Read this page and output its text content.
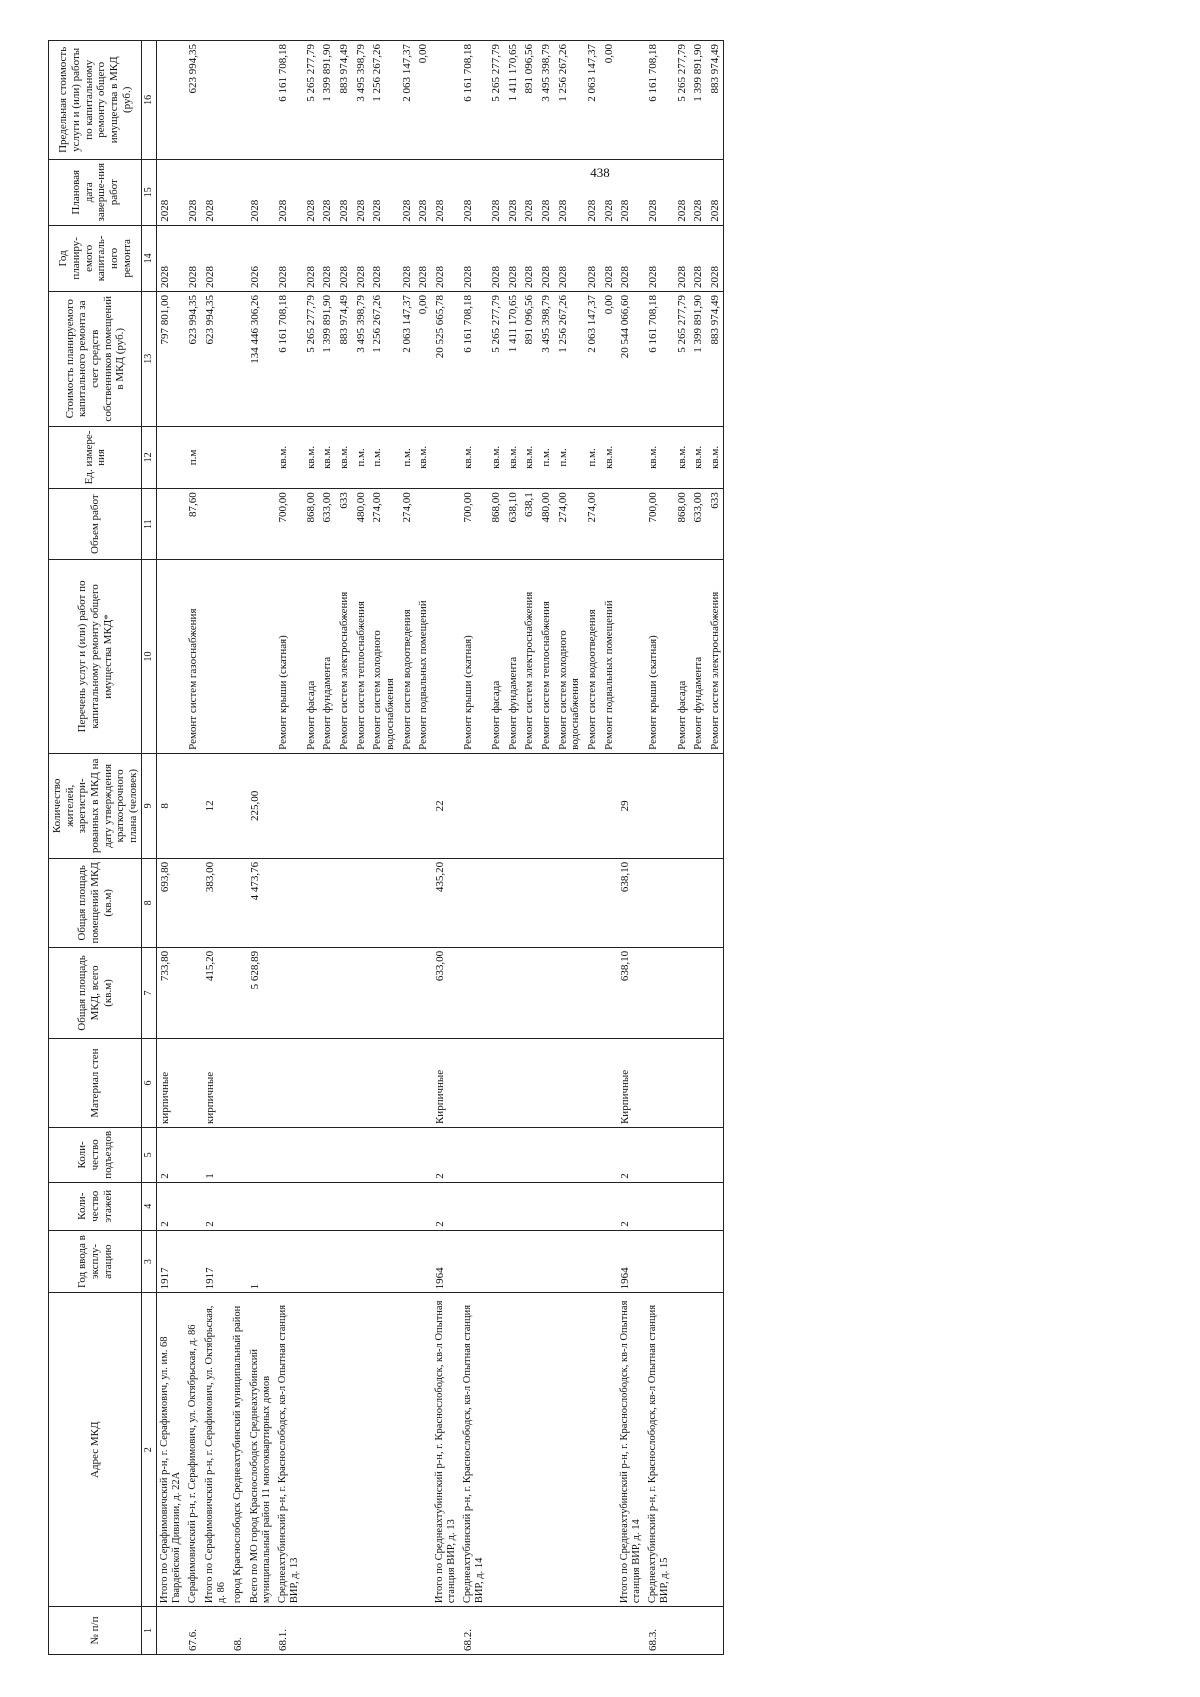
438
№ п/п	Адрес МКД	Год ввода в эксплу-атацию	Коли-чество этажей	Коли-чество подъездов	Материал стен	Общая площадь МКД, всего (кв.м)	Общая площадь помещений МКД (кв.м)	Количество жителей, зарегистри-рованных в МКД на дату утверждения краткосрочного плана (человек)	Перечень услуг и (или) работ по капитальному ремонту общего имущества МКД*	Объем работ	Ед. измере-ния	Стоимость планируемого капитального ремонта за счет средств собственников помещений в МКД (руб.)	Год планиру-емого капиталь-ного ремонта	Плановая дата заверше-ния работ	Предельная стоимость услуги и (или) работы по капитальному ремонту общего имущества в МКД (руб.)
1	2	3	4	5	6	7	8	9	10	11	12	13	14	15	16
	Итого по Серафимовичский р-н, г. Серафимович, ул. им. 68 Гвардейской Дивизии, д. 22А	1917	2	2	кирпичные	733,80	693,80	8				797 801,00	2028	2028	
67.6.	Серафимовичский р-н, г. Серафимович, ул. Октябрьская, д. 86								Ремонт систем газоснабжения	87,60	п.м	623 994,35	2028	2028	623 994,35
	Итого по Серафимовичский р-н, г. Серафимович, ул. Октябрьская, д. 86	1917	2	1	кирпичные	415,20	383,00	12				623 994,35	2028	2028	
68.	город Краснослободск Среднеахтубинский муниципальный район														
	Всего по МО город Краснослободск Среднеахтубинский муниципальный район 11 многоквартирных домов	1				5 628,89	4 473,76	225,00				134 446 306,26	2026	2028	
68.1.	Среднеахтубинский р-н, г. Краснослободск, кв-л Опытная станция ВИР, д. 13								Ремонт крыши (скатная)	700,00	кв.м.	6 161 708,18	2028	2028	6 161 708,18
									Ремонт фасада	868,00	кв.м.	5 265 277,79	2028	2028	5 265 277,79
									Ремонт фундамента	633,00	кв.м.	1 399 891,90	2028	2028	1 399 891,90
									Ремонт систем электроснабжения	633	кв.м.	883 974,49	2028	2028	883 974,49
									Ремонт систем теплоснабжения	480,00	п.м.	3 495 398,79	2028	2028	3 495 398,79
									Ремонт систем холодного водоснабжения	274,00	п.м.	1 256 267,26	2028	2028	1 256 267,26
									Ремонт систем водоотведения	274,00	п.м.	2 063 147,37	2028	2028	2 063 147,37
									Ремонт подвальных помещений		кв.м.	0,00	2028	2028	0,00
	Итого по Среднеахтубинский р-н, г. Краснослободск, кв-л Опытная станция ВИР, д. 13	1964	2	2	Кирпичные	633,00	435,20	22				20 525 665,78	2028	2028	
68.2.	Среднеахтубинский р-н, г. Краснослободск, кв-л Опытная станция ВИР, д. 14								Ремонт крыши (скатная)	700,00	кв.м.	6 161 708,18	2028	2028	6 161 708,18
									Ремонт фасада	868,00	кв.м.	5 265 277,79	2028	2028	5 265 277,79
									Ремонт фундамента	638,10	кв.м.	1 411 170,65	2028	2028	1 411 170,65
									Ремонт систем электроснабжения	638,1	кв.м.	891 096,56	2028	2028	891 096,56
									Ремонт систем теплоснабжения	480,00	п.м.	3 495 398,79	2028	2028	3 495 398,79
									Ремонт систем холодного водоснабжения	274,00	п.м.	1 256 267,26	2028	2028	1 256 267,26
									Ремонт систем водоотведения	274,00	п.м.	2 063 147,37	2028	2028	2 063 147,37
									Ремонт подвальных помещений		кв.м.	0,00	2028	2028	0,00
	Итого по Среднеахтубинский р-н, г. Краснослободск, кв-л Опытная станция ВИР, д. 14	1964	2	2	Кирпичные	638,10	638,10	29				20 544 066,60	2028	2028	
68.3.	Среднеахтубинский р-н, г. Краснослободск, кв-л Опытная станция ВИР, д. 15								Ремонт крыши (скатная)	700,00	кв.м.	6 161 708,18	2028	2028	6 161 708,18
									Ремонт фасада	868,00	кв.м.	5 265 277,79	2028	2028	5 265 277,79
									Ремонт фундамента	633,00	кв.м.	1 399 891,90	2028	2028	1 399 891,90
									Ремонт систем электроснабжения	633	кв.м.	883 974,49	2028	2028	883 974,49
